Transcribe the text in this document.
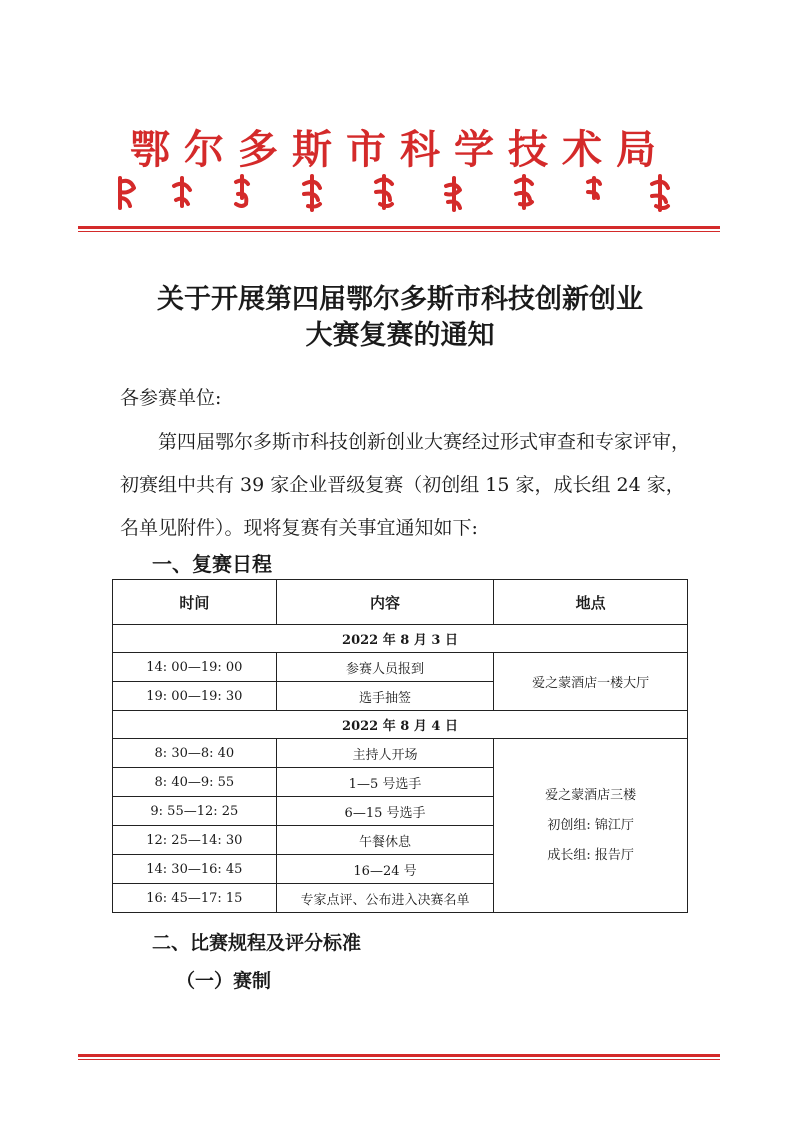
鄂尔多斯市科学技术局
关于开展第四届鄂尔多斯市科技创新创业
大赛复赛的通知
各参赛单位:
第四届鄂尔多斯市科技创新创业大赛经过形式审查和专家评审，初赛组中共有 39 家企业晋级复赛（初创组 15 家，成长组 24 家，名单见附件）。现将复赛有关事宜通知如下:
一、复赛日程
时间	内容	地点
2022 年 8 月 3 日		
14: 00—19: 00	参赛人员报到	爱之蒙酒店一楼大厅
19: 00—19: 30	选手抽签	
2022 年 8 月 4 日		
8: 30—8: 40	主持人开场	爱之蒙酒店三楼
初创组: 锦江厅
成长组: 报告厅

8: 40—9: 55	1—5 号选手	
9: 55—12: 25	6—15 号选手	
12: 25—14: 30	午餐休息	
14: 30—16: 45	16—24 号	
16: 45—17: 15	专家点评、公布进入决赛名单	
二、比赛规程及评分标准
（一）赛制
